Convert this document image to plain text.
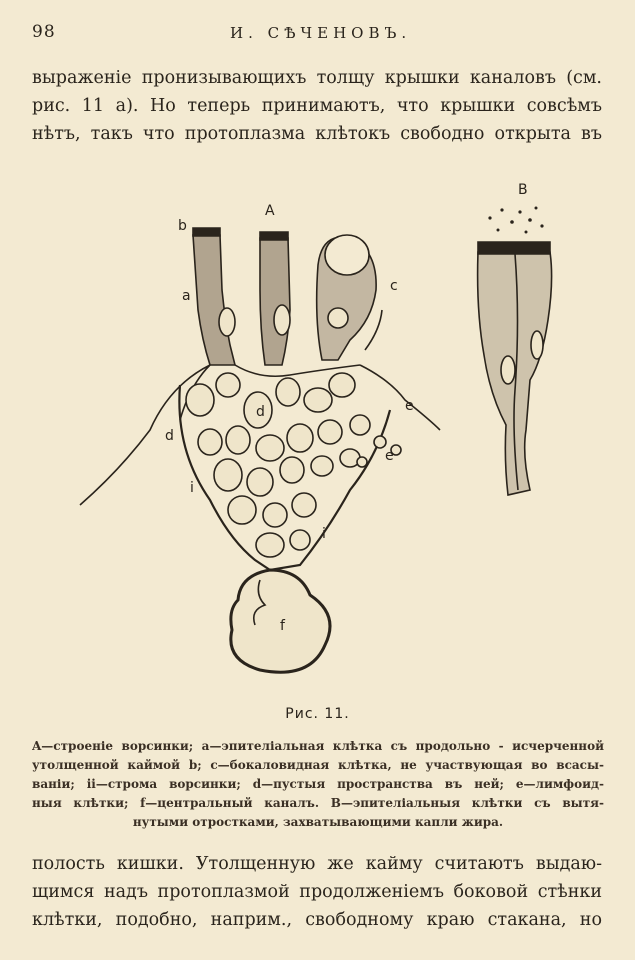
98	И. СѢЧЕНОВЪ.
выраженіе пронизывающихъ толщу крышки каналовъ (см.
рис. 11 а). Но теперь принимаютъ, что крышки совсѣмъ
нѣтъ, такъ что протоплазма клѣтокъ свободно открыта въ
A
B
b
a
c
d
d	e
e
f
i
i
Рис. 11.
A—строеніе ворсинки; a—эпителіальная клѣтка съ продольно - исчерченной
утолщенной каймой b; c—бокаловидная клѣтка, не участвующая во всасы-
ваніи; ii—строма ворсинки; d—пустыя пространства въ ней; e—лимфоид-
ныя клѣтки; f—центральный каналъ. B—эпителіальныя клѣтки съ вытя-
нутыми отростками, захватывающими капли жира.
полость кишки. Утолщенную же кайму считаютъ выдаю-
щимся надъ протоплазмой продолженіемъ боковой стѣнки
клѣтки, подобно, наприм., свободному краю стакана, но
